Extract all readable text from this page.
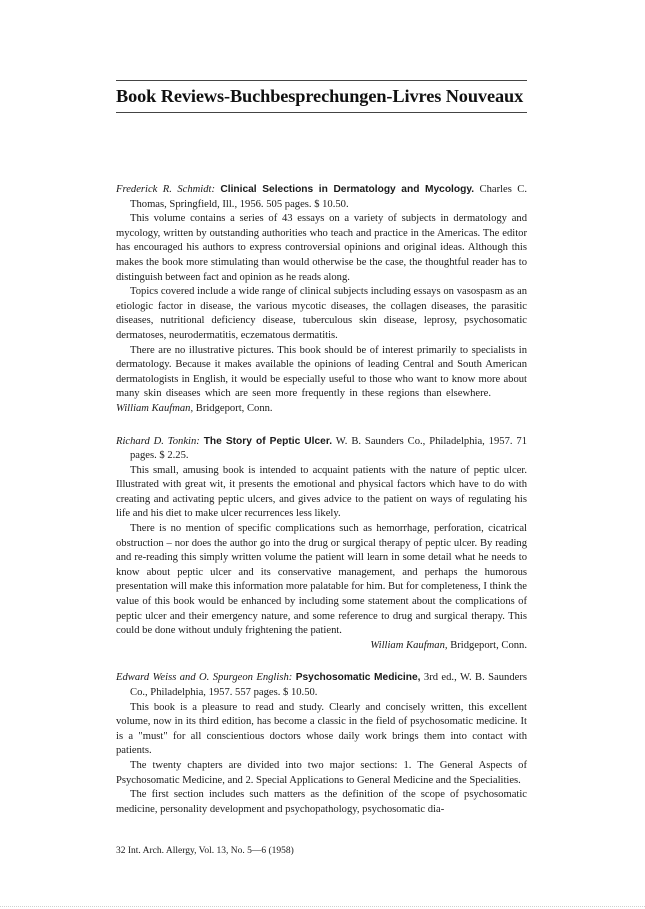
Book Reviews-Buchbesprechungen-Livres Nouveaux

Frederick R. Schmidt: Clinical Selections in Dermatology and Mycology. Charles C. Thomas, Springfield, Ill., 1956. 505 pages. $ 10.50.

This volume contains a series of 43 essays on a variety of subjects in dermatology and mycology, written by outstanding authorities who teach and practice in the Americas. The editor has encouraged his authors to express controversial opinions and original ideas. Although this makes the book more stimulating than would otherwise be the case, the thoughtful reader has to distinguish between fact and opinion as he reads along.

Topics covered include a wide range of clinical subjects including essays on vasospasm as an etiologic factor in disease, the various mycotic diseases, the collagen diseases, the parasitic diseases, nutritional deficiency disease, tuberculous skin disease, leprosy, psychosomatic dermatoses, neurodermatitis, eczematous dermatitis.

There are no illustrative pictures. This book should be of interest primarily to specialists in dermatology. Because it makes available the opinions of leading Central and South American dermatologists in English, it would be especially useful to those who want to know more about many skin diseases which are seen more frequently in these regions than elsewhere.William Kaufman, Bridgeport, Conn.

Richard D. Tonkin: The Story of Peptic Ulcer. W. B. Saunders Co., Philadelphia, 1957. 71 pages. $ 2.25.

This small, amusing book is intended to acquaint patients with the nature of peptic ulcer. Illustrated with great wit, it presents the emotional and physical factors which have to do with creating and activating peptic ulcers, and gives advice to the patient on ways of regulating his life and his diet to make ulcer recurrences less likely.

There is no mention of specific complications such as hemorrhage, perforation, cicatrical obstruction – nor does the author go into the drug or surgical therapy of peptic ulcer. By reading and re-reading this simply written volume the patient will learn in some detail what he needs to know about peptic ulcer and its conservative management, and perhaps the humorous presentation will make this information more palatable for him. But for completeness, I think the value of this book would be enhanced by including some statement about the complications of peptic ulcer and their emergency nature, and some reference to drug and surgical therapy. This could be done without unduly frightening the patient.

William Kaufman, Bridgeport, Conn.

Edward Weiss and O. Spurgeon English: Psychosomatic Medicine, 3rd ed., W. B. Saunders Co., Philadelphia, 1957. 557 pages. $ 10.50.

This book is a pleasure to read and study. Clearly and concisely written, this excellent volume, now in its third edition, has become a classic in the field of psychosomatic medicine. It is a "must" for all conscientious doctors whose daily work brings them into contact with patients.

The twenty chapters are divided into two major sections: 1. The General Aspects of Psychosomatic Medicine, and 2. Special Applications to General Medicine and the Specialities.

The first section includes such matters as the definition of the scope of psychosomatic medicine, personality development and psychopathology, psychosomatic dia-

32 Int. Arch. Allergy, Vol. 13, No. 5—6 (1958)
